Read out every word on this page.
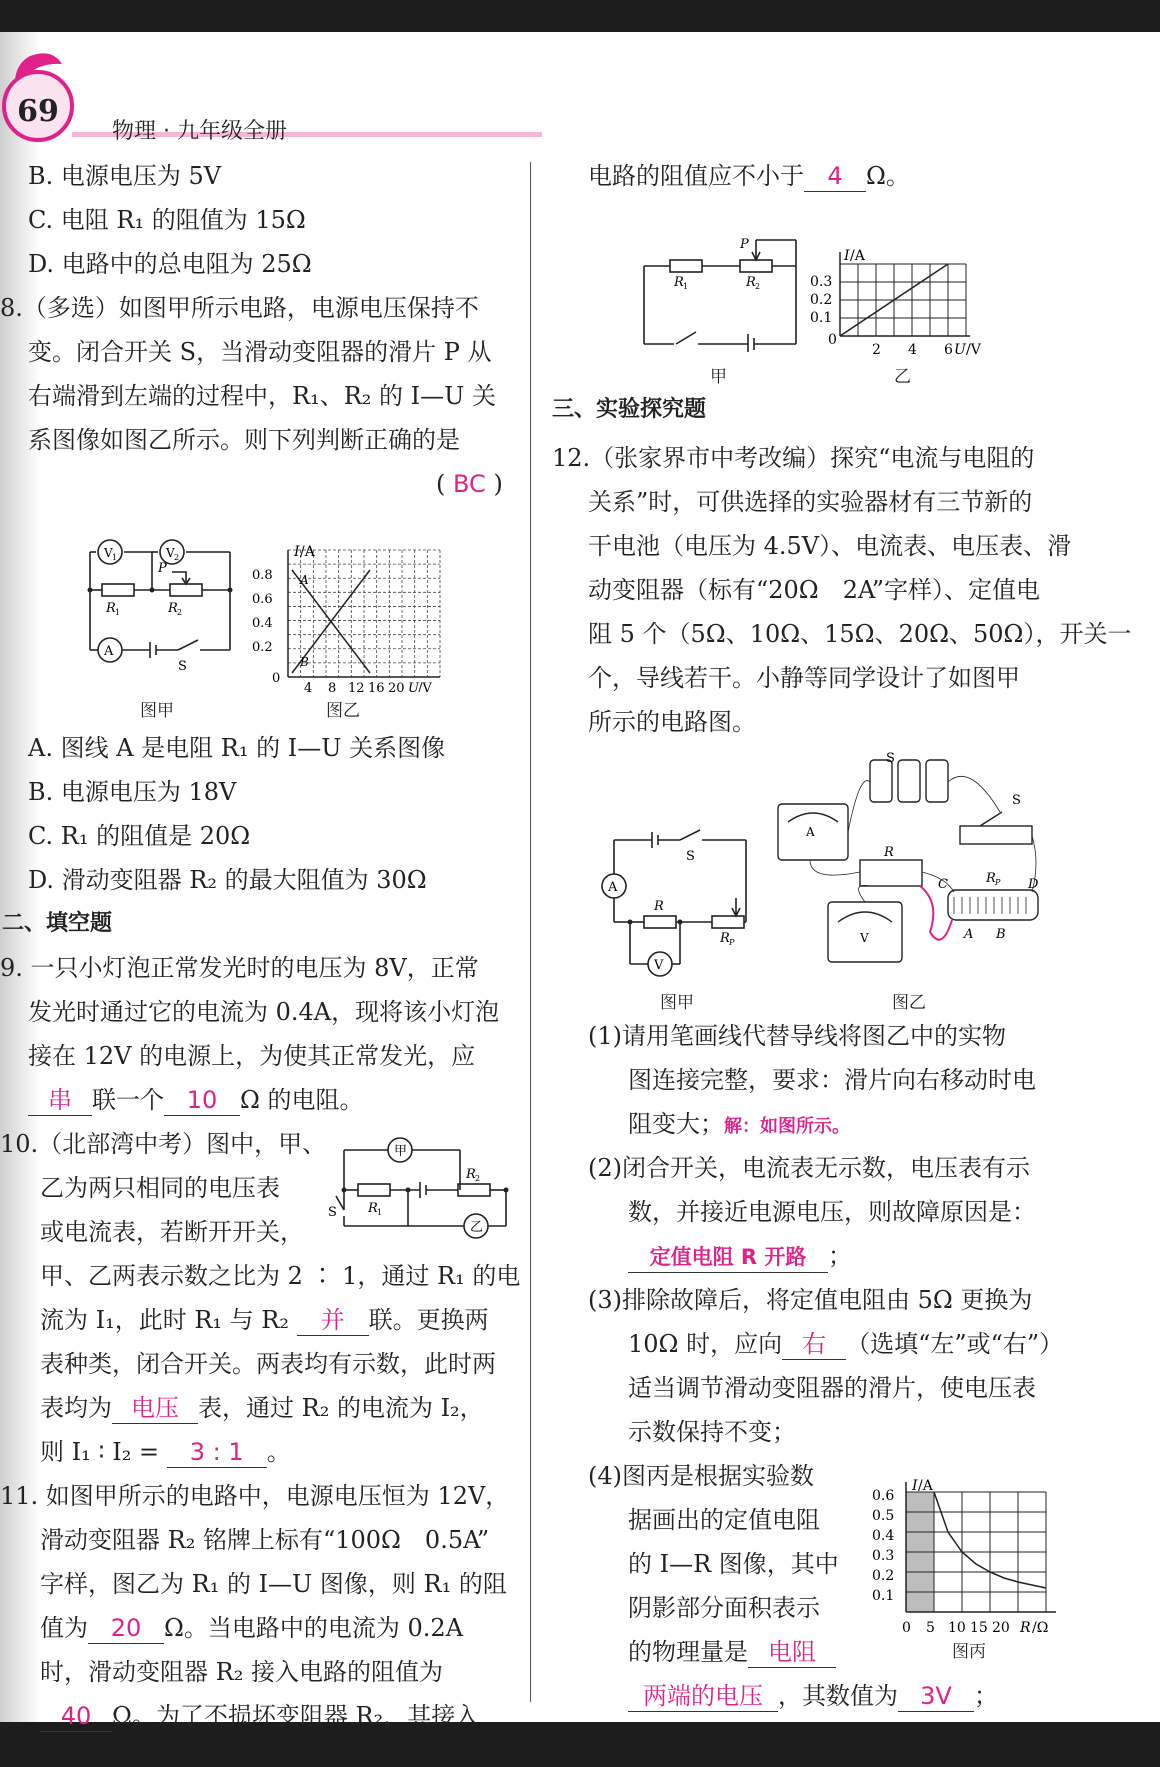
69
物理 · 九年级全册
B. 电源电压为 5V
C. 电阻 R₁ 的阻值为 15Ω
D. 电路中的总电阻为 25Ω
8.（多选）如图甲所示电路，电源电压保持不
变。闭合开关 S，当滑动变阻器的滑片 P 从
右端滑到左端的过程中，R₁、R₂ 的 I—U 关
系图像如图乙所示。则下列判断正确的是
( BC )
V 1	V 2
A
P
R 1	R 2
S
图甲
I /A
0.8
0.6
0.4
0.2
0
4 8 12 16 20 U /V
A
B
图乙
A. 图线 A 是电阻 R₁ 的 I—U 关系图像
B. 电源电压为 18V
C. R₁ 的阻值是 20Ω
D. 滑动变阻器 R₂ 的最大阻值为 30Ω
二、填空题
9. 一只小灯泡正常发光时的电压为 8V，正常
发光时通过它的电流为 0.4A，现将该小灯泡
接在 12V 的电源上，为使其正常发光，应
串 联一个 10 Ω 的电阻。
10.（北部湾中考）图中，甲、
乙为两只相同的电压表
或电流表，若断开开关，
甲
乙
R 1
R 2
S
甲、乙两表示数之比为 2 ∶ 1，通过 R₁ 的电
流为 I₁，此时 R₁ 与 R₂ 并 联。更换两
表种类，闭合开关。两表均有示数，此时两
表均为 电压 表，通过 R₂ 的电流为 I₂，
则 I₁ ∶ I₂ = 3 : 1 。
11. 如图甲所示的电路中，电源电压恒为 12V，
滑动变阻器 R₂ 铭牌上标有“100Ω　0.5A”
字样，图乙为 R₁ 的 I—U 图像，则 R₁ 的阻
值为 20 Ω。当电路中的电流为 0.2A
时，滑动变阻器 R₂ 接入电路的阻值为
40 Ω。为了不损坏变阻器 R₂，其接入
电路的阻值应不小于 4 Ω。
P
R 1	R 2
甲
I /A
0.3
0.2
0.1
0
2 4 6 U /V
乙
三、实验探究题
12.（张家界市中考改编）探究“电流与电阻的
关系”时，可供选择的实验器材有三节新的
干电池（电压为 4.5V）、电流表、电压表、滑
动变阻器（标有“20Ω　2A”字样）、定值电
阻 5 个（5Ω、10Ω、15Ω、20Ω、50Ω），开关一
个，导线若干。小静等同学设计了如图甲
所示的电路图。
A
V
S
R
R P
图甲
A
V
S
S
R
C	R P D
A B
图乙
(1)请用笔画线代替导线将图乙中的实物
图连接完整，要求：滑片向右移动时电
阻变大；解：如图所示。
(2)闭合开关，电流表无示数，电压表有示
数，并接近电源电压，则故障原因是：
定值电阻 R 开路 ；
(3)排除故障后，将定值电阻由 5Ω 更换为
10Ω 时，应向 右 （选填“左”或“右”）
适当调节滑动变阻器的滑片，使电压表
示数保持不变；
(4)图丙是根据实验数
据画出的定值电阻
的 I—R 图像，其中
阴影部分面积表示
的物理量是 电阻
两端的电压 ，其数值为 3V ；
I /A
0.6
0.5
0.4
0.3
0.2
0.1
0 5 10 15 20 R /Ω
图丙
